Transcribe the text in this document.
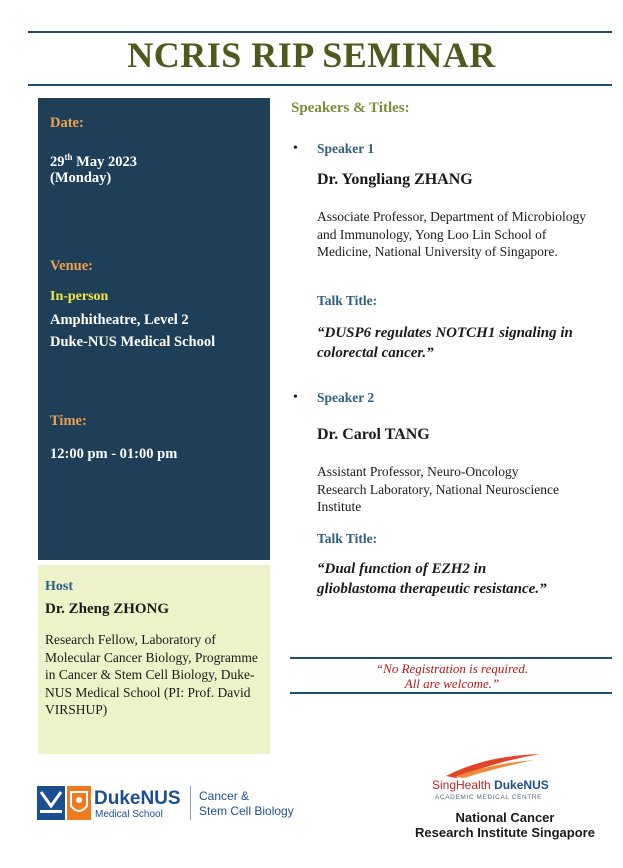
NCRIS RIP SEMINAR
Date:
29th May 2023
(Monday)
Venue:
In-person
Amphitheatre, Level 2
Duke-NUS Medical School
Time:
12:00 pm - 01:00 pm
Host
Dr. Zheng ZHONG
Research Fellow, Laboratory of Molecular Cancer Biology, Programme in Cancer & Stem Cell Biology, Duke-NUS Medical School (PI: Prof. David VIRSHUP)
Speakers & Titles:
• Speaker 1
Dr. Yongliang ZHANG
Associate Professor, Department of Microbiology and Immunology, Yong Loo Lin School of Medicine, National University of Singapore.
Talk Title:
“DUSP6 regulates NOTCH1 signaling in colorectal cancer.”
• Speaker 2
Dr. Carol TANG
Assistant Professor, Neuro-Oncology Research Laboratory, National Neuroscience Institute
Talk Title:
“Dual function of EZH2 in glioblastoma therapeutic resistance.”
“No Registration is required.
All are welcome.”
DukeNUS
Medical School
Cancer &
Stem Cell Biology
SingHealth DukeNUS
ACADEMIC MEDICAL CENTRE
National Cancer
Research Institute Singapore
